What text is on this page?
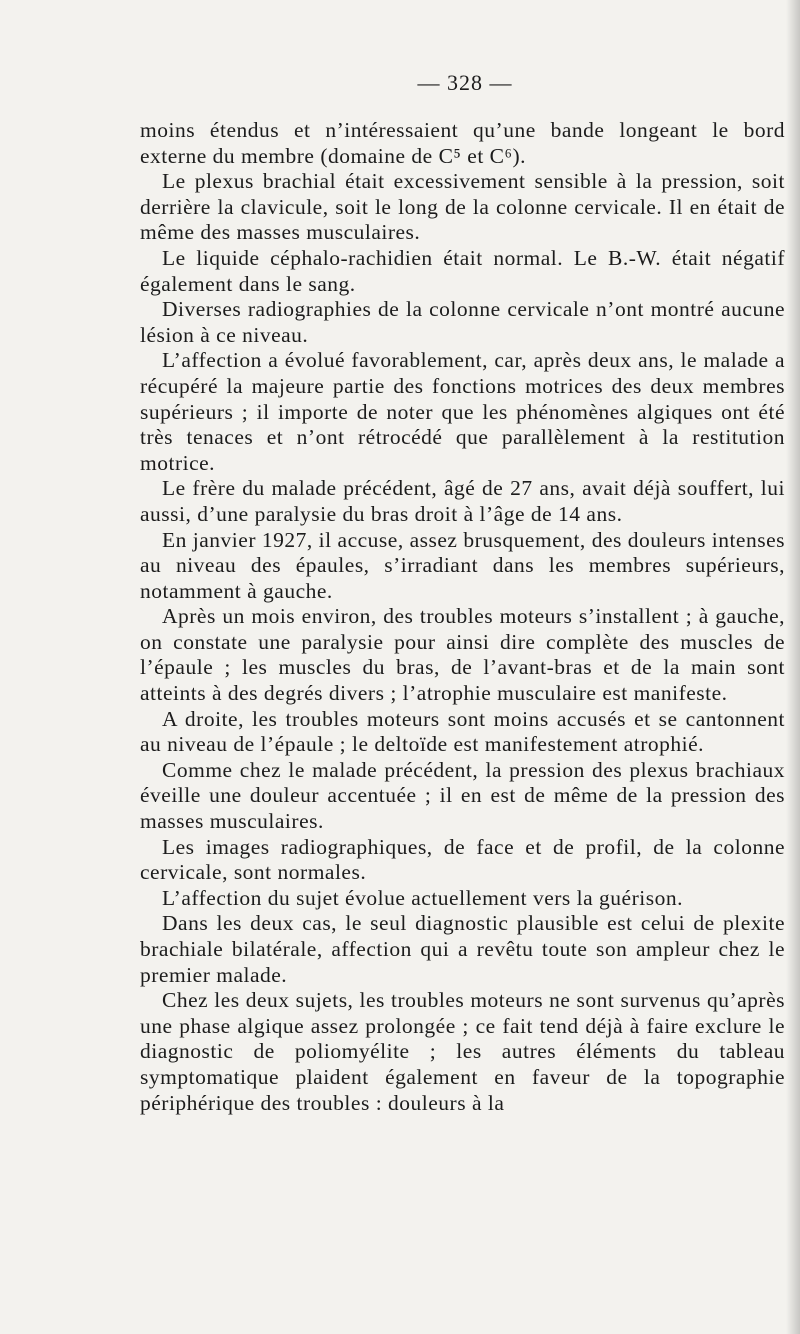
— 328 —

moins étendus et n’intéressaient qu’une bande longeant le bord externe du membre (domaine de C⁵ et C⁶).

Le plexus brachial était excessivement sensible à la pression, soit derrière la clavicule, soit le long de la colonne cervicale. Il en était de même des masses musculaires.

Le liquide céphalo-rachidien était normal. Le B.-W. était négatif également dans le sang.

Diverses radiographies de la colonne cervicale n’ont montré aucune lésion à ce niveau.

L’affection a évolué favorablement, car, après deux ans, le malade a récupéré la majeure partie des fonctions motrices des deux membres supérieurs ; il importe de noter que les phénomènes algiques ont été très tenaces et n’ont rétrocédé que parallèlement à la restitution motrice.

Le frère du malade précédent, âgé de 27 ans, avait déjà souffert, lui aussi, d’une paralysie du bras droit à l’âge de 14 ans.

En janvier 1927, il accuse, assez brusquement, des douleurs intenses au niveau des épaules, s’irradiant dans les membres supérieurs, notamment à gauche.

Après un mois environ, des troubles moteurs s’installent ; à gauche, on constate une paralysie pour ainsi dire complète des muscles de l’épaule ; les muscles du bras, de l’avant-bras et de la main sont atteints à des degrés divers ; l’atrophie musculaire est manifeste.

A droite, les troubles moteurs sont moins accusés et se cantonnent au niveau de l’épaule ; le deltoïde est manifestement atrophié.

Comme chez le malade précédent, la pression des plexus brachiaux éveille une douleur accentuée ; il en est de même de la pression des masses musculaires.

Les images radiographiques, de face et de profil, de la colonne cervicale, sont normales.

L’affection du sujet évolue actuellement vers la guérison.

Dans les deux cas, le seul diagnostic plausible est celui de plexite brachiale bilatérale, affection qui a revêtu toute son ampleur chez le premier malade.

Chez les deux sujets, les troubles moteurs ne sont survenus qu’après une phase algique assez prolongée ; ce fait tend déjà à faire exclure le diagnostic de poliomyélite ; les autres éléments du tableau symptomatique plaident également en faveur de la topographie périphérique des troubles : douleurs à la
